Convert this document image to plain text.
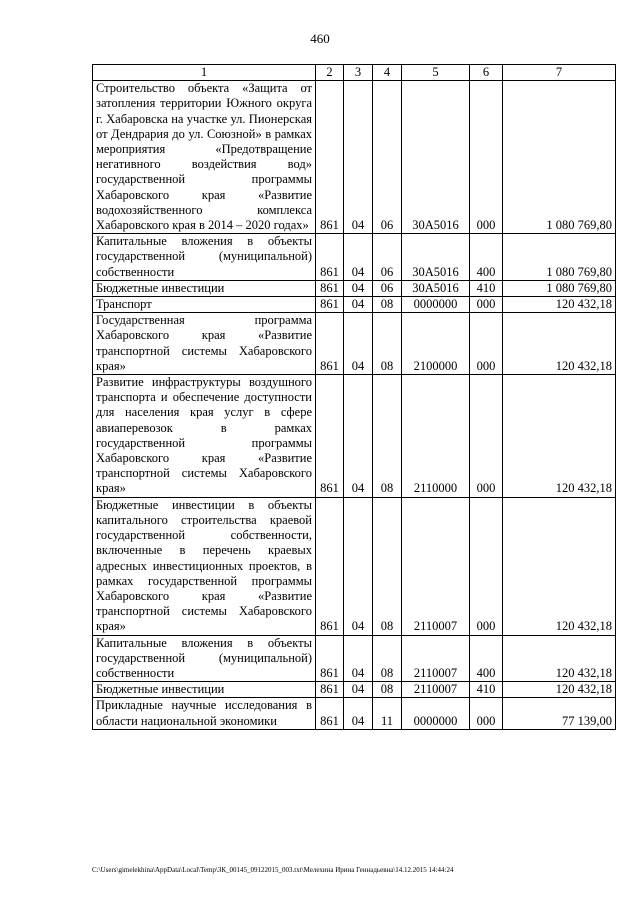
460
1	2	3	4	5	6	7
Строительство объекта «Защита от затопления территории Южного округа г. Хабаровска на участке ул. Пионерская от Дендрария до ул. Союзной» в рамках мероприятия «Предотвращение негативного воздействия вод» государственной программы Хабаровского края «Развитие водохозяйственного комплекса Хабаровского края в 2014 – 2020 годах»	861	04	06	30А5016	000	1 080 769,80
Капитальные вложения в объекты государственной (муниципальной) собственности	861	04	06	30А5016	400	1 080 769,80
Бюджетные инвестиции	861	04	06	30А5016	410	1 080 769,80
Транспорт	861	04	08	0000000	000	120 432,18
Государственная программа Хабаровского края «Развитие транспортной системы Хабаровского края»	861	04	08	2100000	000	120 432,18
Развитие инфраструктуры воздушного транспорта и обеспечение доступности для населения края услуг в сфере авиаперевозок в рамках государственной программы Хабаровского края «Развитие транспортной системы Хабаровского края»	861	04	08	2110000	000	120 432,18
Бюджетные инвестиции в объекты капитального строительства краевой государственной собственности, включенные в перечень краевых адресных инвестиционных проектов, в рамках государственной программы Хабаровского края «Развитие транспортной системы Хабаровского края»	861	04	08	2110007	000	120 432,18
Капитальные вложения в объекты государственной (муниципальной) собственности	861	04	08	2110007	400	120 432,18
Бюджетные инвестиции	861	04	08	2110007	410	120 432,18
Прикладные научные исследования в области национальной экономики	861	04	11	0000000	000	77 139,00
C:\Users\gimelekhina\AppData\Local\Temp\ЗК_00145_09122015_003.txt\Мелехина Ирина Геннадьевна\14.12.2015 14:44:24
